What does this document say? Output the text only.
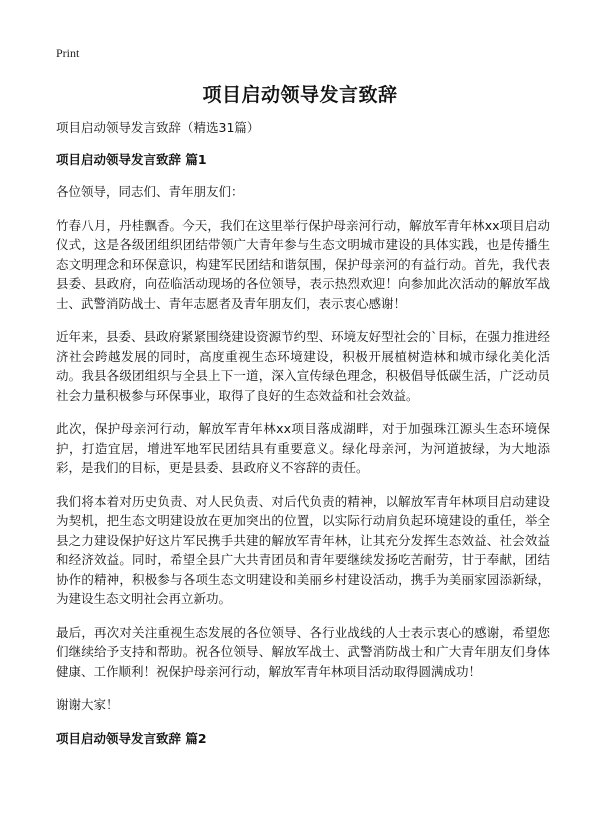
Print
项目启动领导发言致辞

项目启动领导发言致辞（精选31篇）

项目启动领导发言致辞 篇1

各位领导，同志们、青年朋友们：

竹春八月，丹桂飘香。今天，我们在这里举行保护母亲河行动，解放军青年林xx项目启动仪式，这是各级团组织团结带领广大青年参与生态文明城市建设的具体实践，也是传播生态文明理念和环保意识，构建军民团结和谐氛围，保护母亲河的有益行动。首先，我代表县委、县政府，向莅临活动现场的各位领导，表示热烈欢迎！向参加此次活动的解放军战士、武警消防战士、青年志愿者及青年朋友们，表示衷心感谢！

近年来，县委、县政府紧紧围绕建设资源节约型、环境友好型社会的`目标，在强力推进经济社会跨越发展的同时，高度重视生态环境建设，积极开展植树造林和城市绿化美化活动。我县各级团组织与全县上下一道，深入宣传绿色理念，积极倡导低碳生活，广泛动员社会力量积极参与环保事业，取得了良好的生态效益和社会效益。

此次，保护母亲河行动，解放军青年林xx项目落成湖畔，对于加强珠江源头生态环境保护，打造宜居，增进军地军民团结具有重要意义。绿化母亲河，为河道披绿，为大地添彩，是我们的目标，更是县委、县政府义不容辞的责任。

我们将本着对历史负责、对人民负责、对后代负责的精神，以解放军青年林项目启动建设为契机，把生态文明建设放在更加突出的位置，以实际行动肩负起环境建设的重任，举全县之力建设保护好这片军民携手共建的解放军青年林，让其充分发挥生态效益、社会效益和经济效益。同时，希望全县广大共青团员和青年要继续发扬吃苦耐劳，甘于奉献，团结协作的精神，积极参与各项生态文明建设和美丽乡村建设活动，携手为美丽家园添新绿，为建设生态文明社会再立新功。

最后，再次对关注重视生态发展的各位领导、各行业战线的人士表示衷心的感谢，希望您们继续给予支持和帮助。祝各位领导、解放军战士、武警消防战士和广大青年朋友们身体健康、工作顺利！祝保护母亲河行动，解放军青年林项目活动取得圆满成功！

谢谢大家！

项目启动领导发言致辞 篇2
